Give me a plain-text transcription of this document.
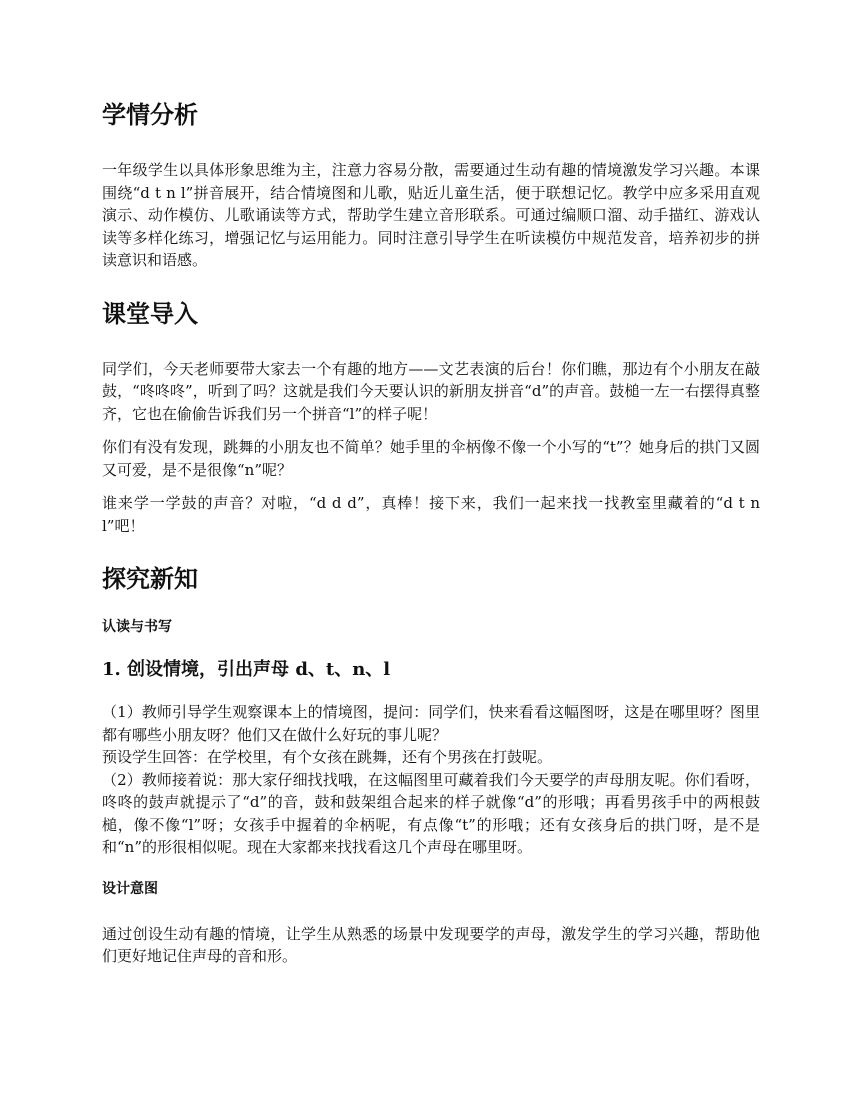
学情分析

一年级学生以具体形象思维为主，注意力容易分散，需要通过生动有趣的情境激发学习兴趣。本课围绕“d t n l”拼音展开，结合情境图和儿歌，贴近儿童生活，便于联想记忆。教学中应多采用直观演示、动作模仿、儿歌诵读等方式，帮助学生建立音形联系。可通过编顺口溜、动手描红、游戏认读等多样化练习，增强记忆与运用能力。同时注意引导学生在听读模仿中规范发音，培养初步的拼读意识和语感。

课堂导入

同学们，今天老师要带大家去一个有趣的地方——文艺表演的后台！你们瞧，那边有个小朋友在敲鼓，“咚咚咚”，听到了吗？这就是我们今天要认识的新朋友拼音“d”的声音。鼓槌一左一右摆得真整齐，它也在偷偷告诉我们另一个拼音“l”的样子呢！

你们有没有发现，跳舞的小朋友也不简单？她手里的伞柄像不像一个小写的“t”？她身后的拱门又圆又可爱，是不是很像“n”呢？

谁来学一学鼓的声音？对啦，“d d d”，真棒！接下来，我们一起来找一找教室里藏着的“d t n l”吧！

探究新知
认读与书写
1. 创设情境，引出声母 d、t、n、l

（1）教师引导学生观察课本上的情境图，提问：同学们，快来看看这幅图呀，这是在哪里呀？图里都有哪些小朋友呀？他们又在做什么好玩的事儿呢？

预设学生回答：在学校里，有个女孩在跳舞，还有个男孩在打鼓呢。

（2）教师接着说：那大家仔细找找哦，在这幅图里可藏着我们今天要学的声母朋友呢。你们看呀，咚咚的鼓声就提示了“d”的音，鼓和鼓架组合起来的样子就像“d”的形哦；再看男孩手中的两根鼓槌，像不像“l”呀；女孩手中握着的伞柄呢，有点像“t”的形哦；还有女孩身后的拱门呀，是不是和“n”的形很相似呢。现在大家都来找找看这几个声母在哪里呀。

设计意图

通过创设生动有趣的情境，让学生从熟悉的场景中发现要学的声母，激发学生的学习兴趣，帮助他们更好地记住声母的音和形。
